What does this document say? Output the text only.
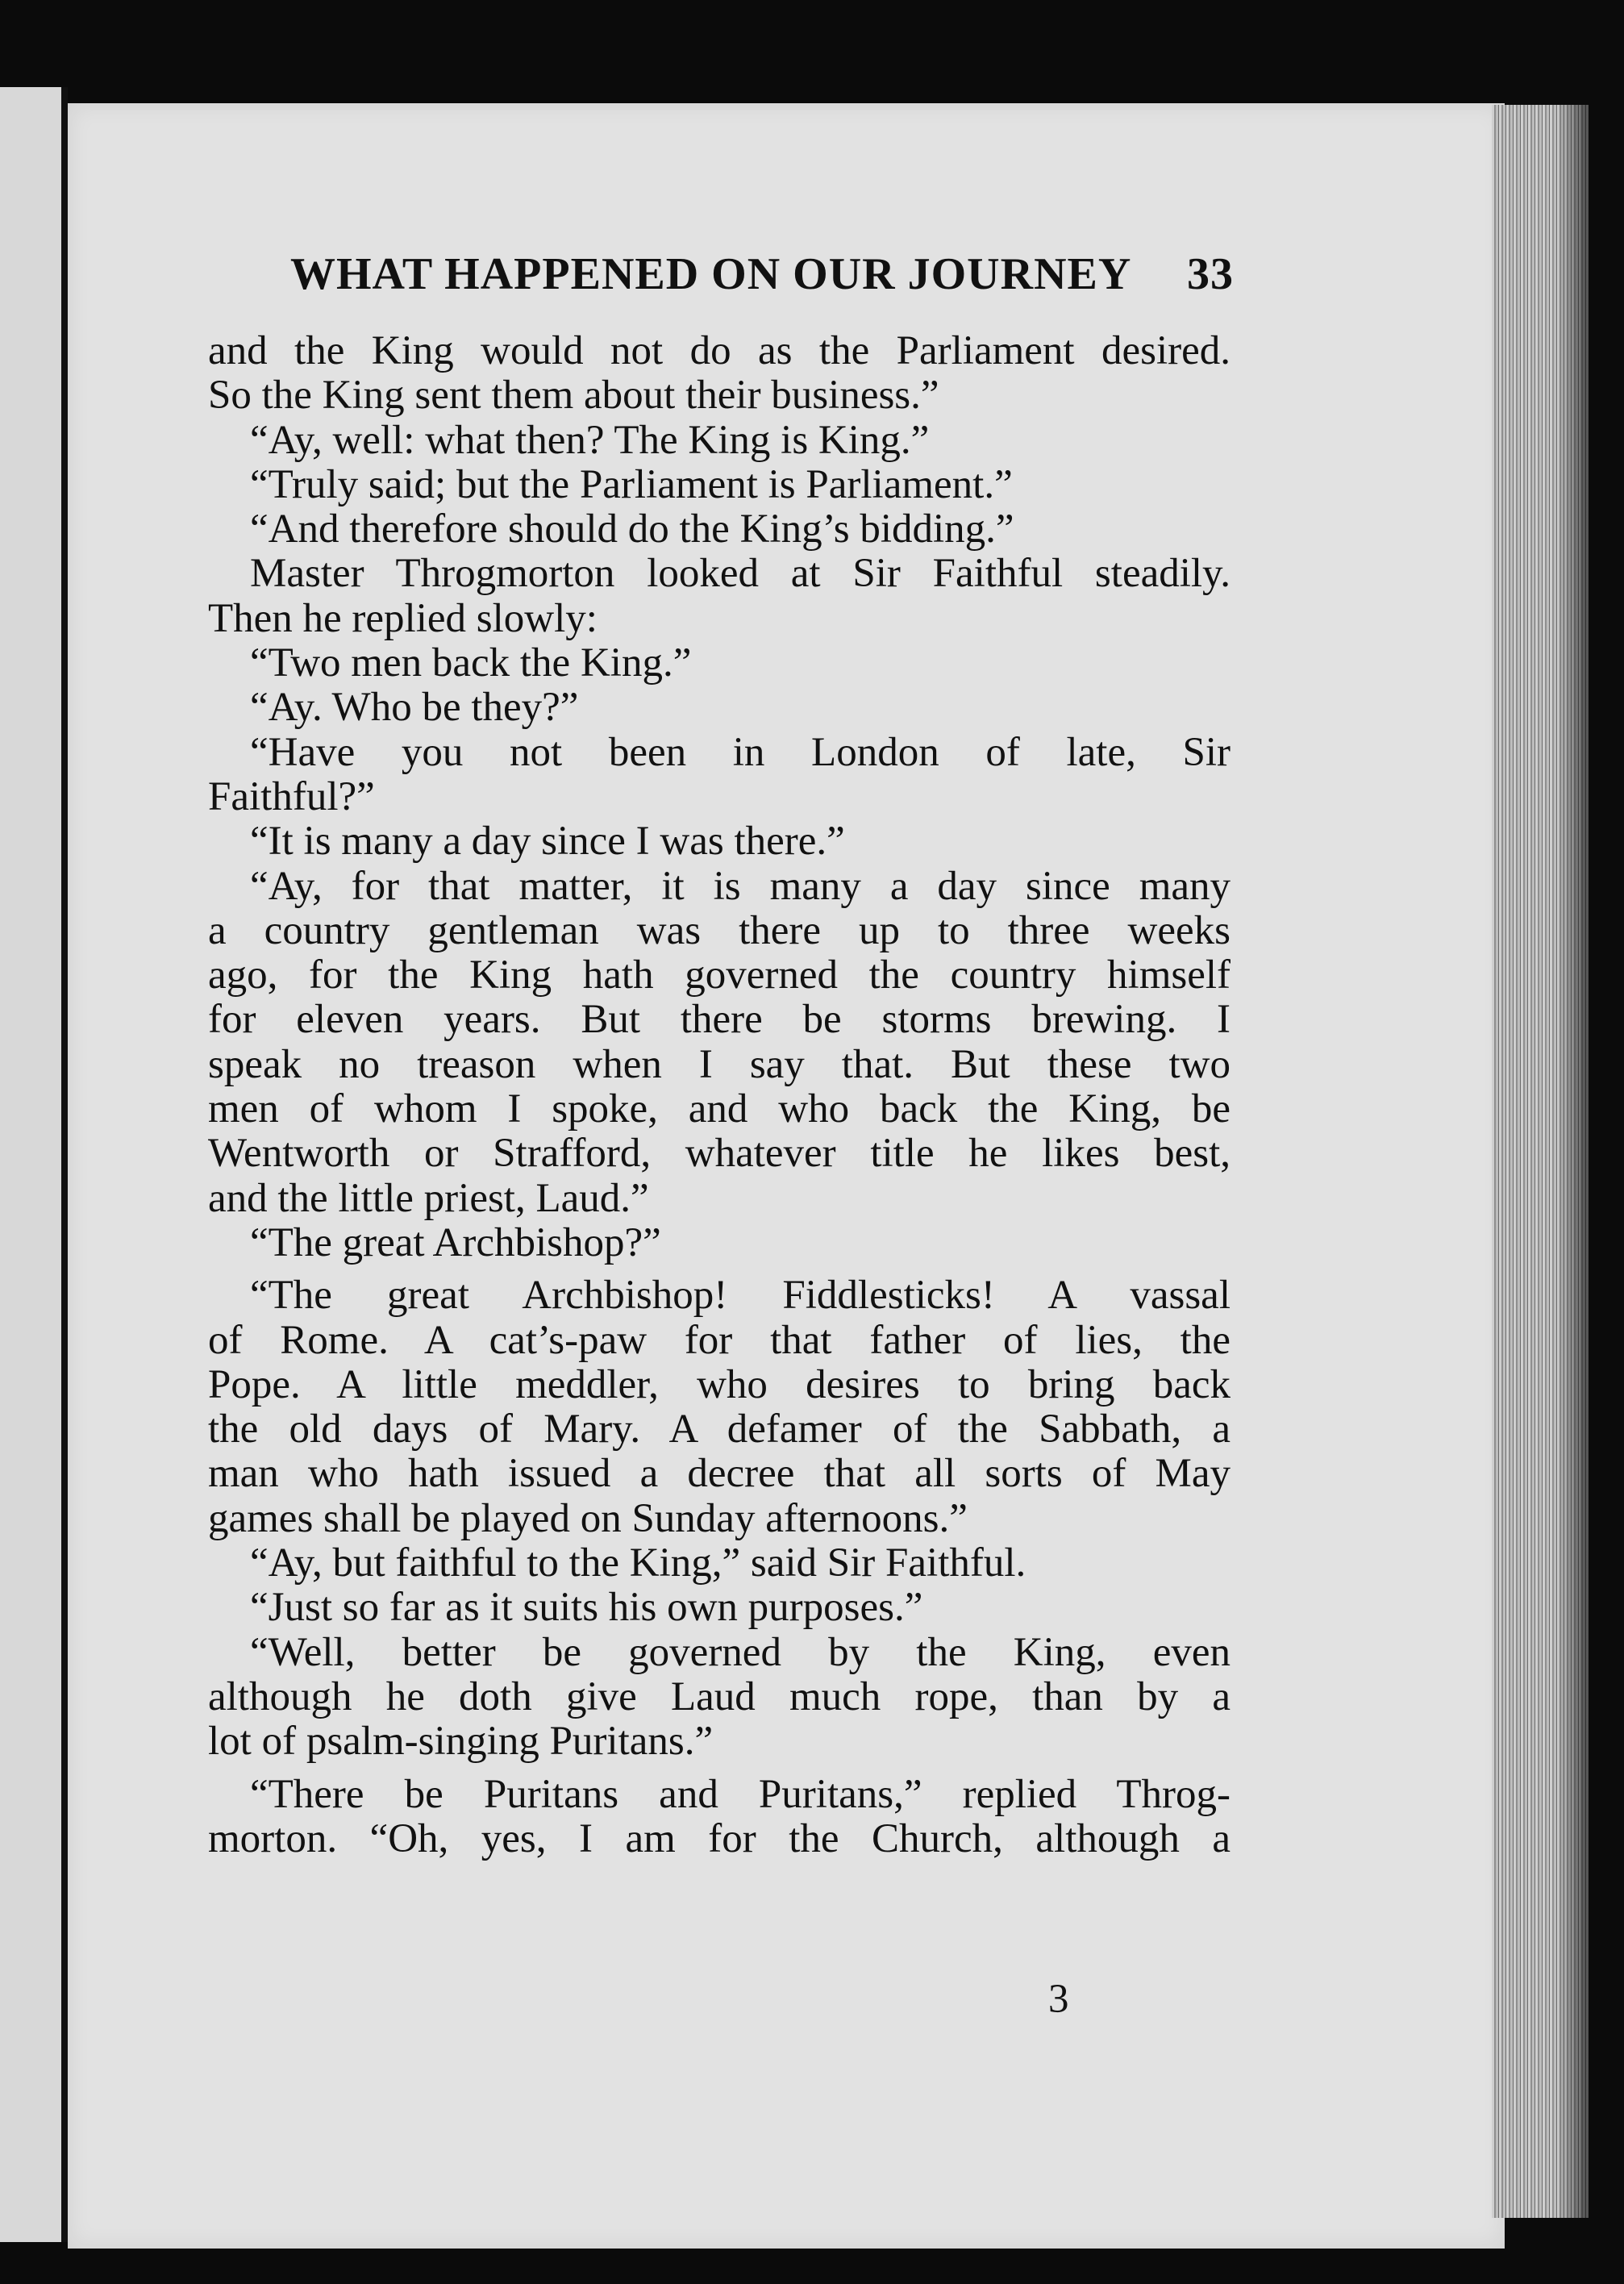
WHAT HAPPENED ON OUR JOURNEY 33
and the King would not do as the Parliament desired.
So the King sent them about their business.”
“Ay, well: what then? The King is King.”
“Truly said; but the Parliament is Parliament.”
“And therefore should do the King’s bidding.”
Master Throgmorton looked at Sir Faithful steadily.
Then he replied slowly:
“Two men back the King.”
“Ay. Who be they?”
“Have you not been in London of late, Sir
Faithful?”
“It is many a day since I was there.”
“Ay, for that matter, it is many a day since many
a country gentleman was there up to three weeks
ago, for the King hath governed the country himself
for eleven years. But there be storms brewing. I
speak no treason when I say that. But these two
men of whom I spoke, and who back the King, be
Wentworth or Strafford, whatever title he likes best,
and the little priest, Laud.”
“The great Archbishop?”
“The great Archbishop! Fiddlesticks! A vassal
of Rome. A cat’s-paw for that father of lies, the
Pope. A little meddler, who desires to bring back
the old days of Mary. A defamer of the Sabbath, a
man who hath issued a decree that all sorts of May
games shall be played on Sunday afternoons.”
“Ay, but faithful to the King,” said Sir Faithful.
“Just so far as it suits his own purposes.”
“Well, better be governed by the King, even
although he doth give Laud much rope, than by a
lot of psalm-singing Puritans.”
“There be Puritans and Puritans,” replied Throg-
morton. “Oh, yes, I am for the Church, although a
3
